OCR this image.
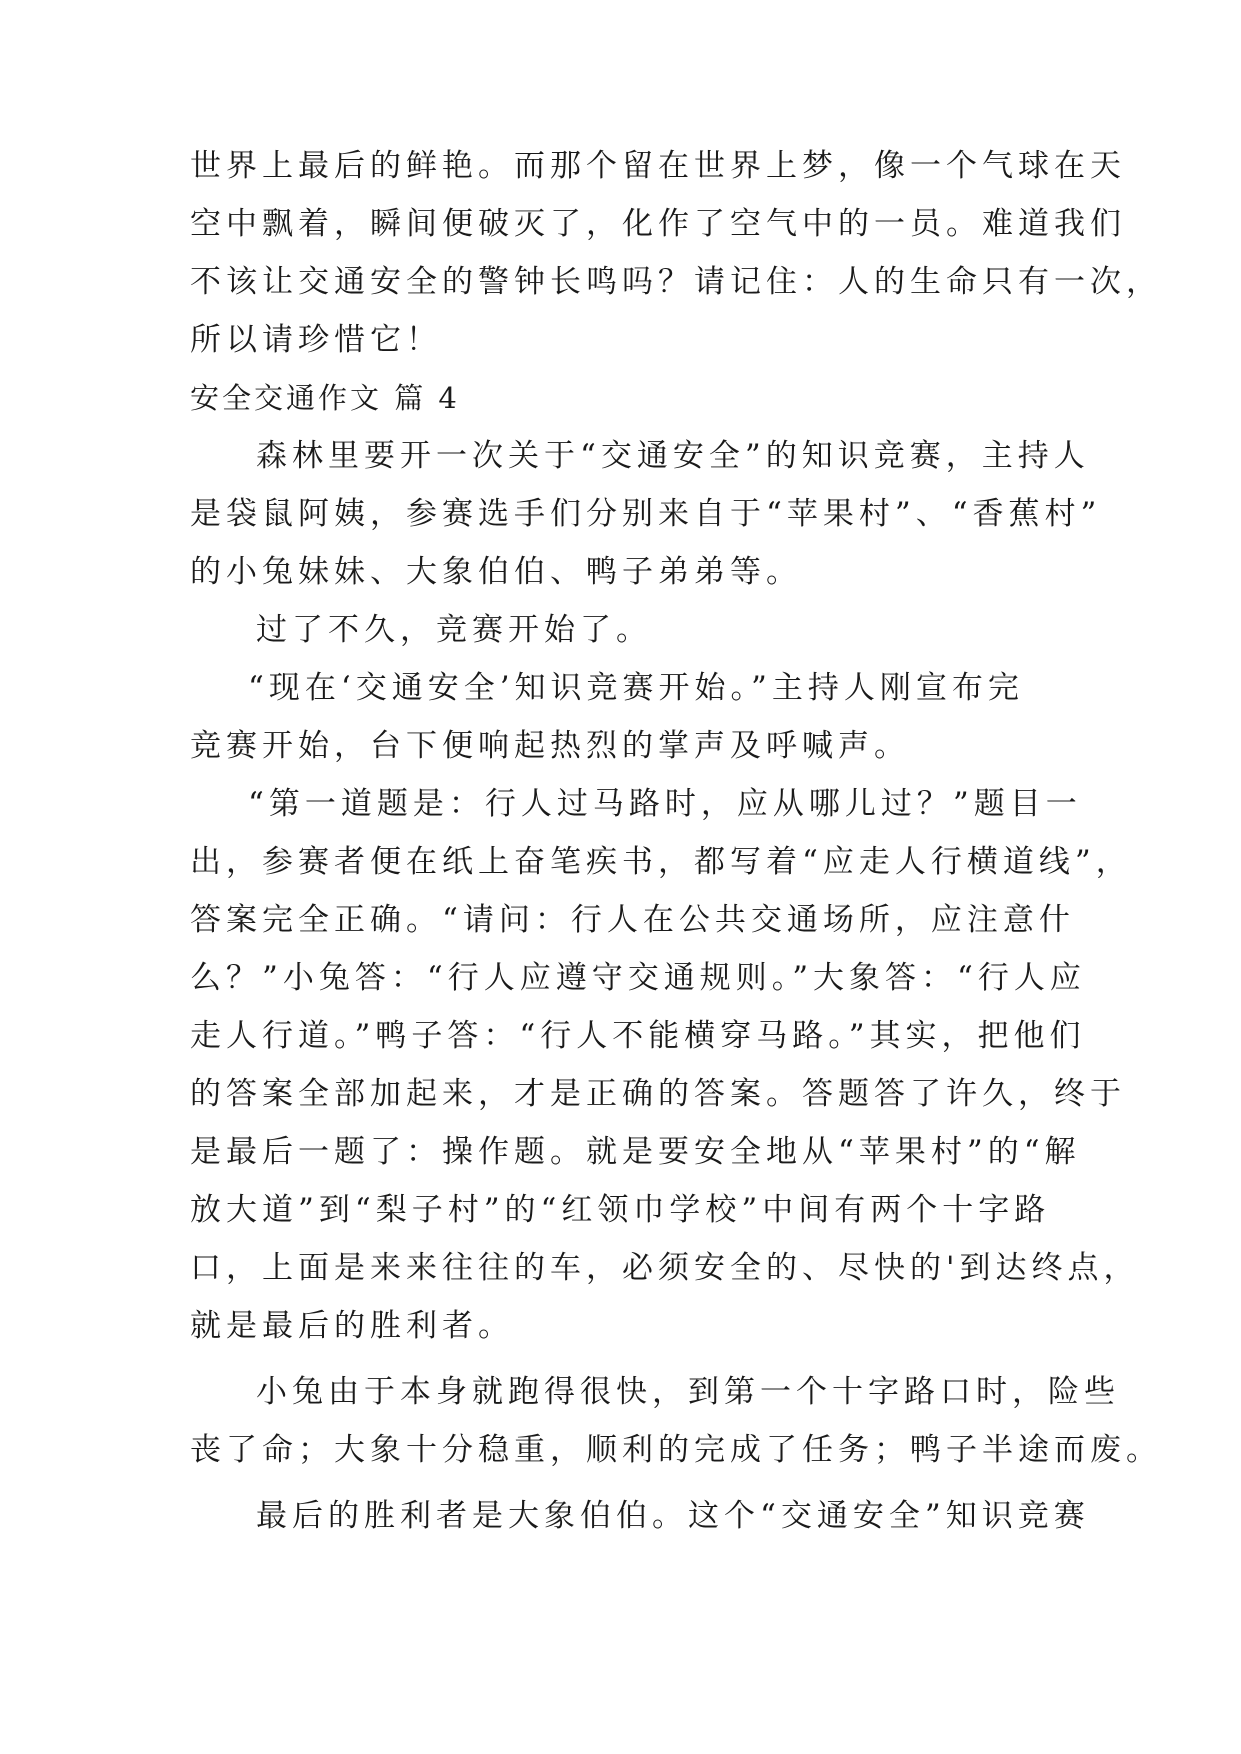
世界上最后的鲜艳。而那个留在世界上梦，像一个气球在天
空中飘着，瞬间便破灭了，化作了空气中的一员。难道我们
不该让交通安全的警钟长鸣吗？请记住：人的生命只有一次，
所以请珍惜它！
安全交通作文 篇 4
森林里要开一次关于“交通安全”的知识竞赛，主持人
是袋鼠阿姨，参赛选手们分别来自于“苹果村”、“香蕉村”
的小兔妹妹、大象伯伯、鸭子弟弟等。
过了不久，竞赛开始了。
“现在‘交通安全’知识竞赛开始。”主持人刚宣布完
竞赛开始，台下便响起热烈的掌声及呼喊声。
“第一道题是：行人过马路时，应从哪儿过？”题目一
出，参赛者便在纸上奋笔疾书，都写着“应走人行横道线”，
答案完全正确。“请问：行人在公共交通场所，应注意什
么？”小兔答：“行人应遵守交通规则。”大象答：“行人应
走人行道。”鸭子答：“行人不能横穿马路。”其实，把他们
的答案全部加起来，才是正确的答案。答题答了许久，终于
是最后一题了：操作题。就是要安全地从“苹果村”的“解
放大道”到“梨子村”的“红领巾学校”中间有两个十字路
口，上面是来来往往的车，必须安全的、尽快的'到达终点，
就是最后的胜利者。
小兔由于本身就跑得很快，到第一个十字路口时，险些
丧了命；大象十分稳重，顺利的完成了任务；鸭子半途而废。
最后的胜利者是大象伯伯。这个“交通安全”知识竞赛
